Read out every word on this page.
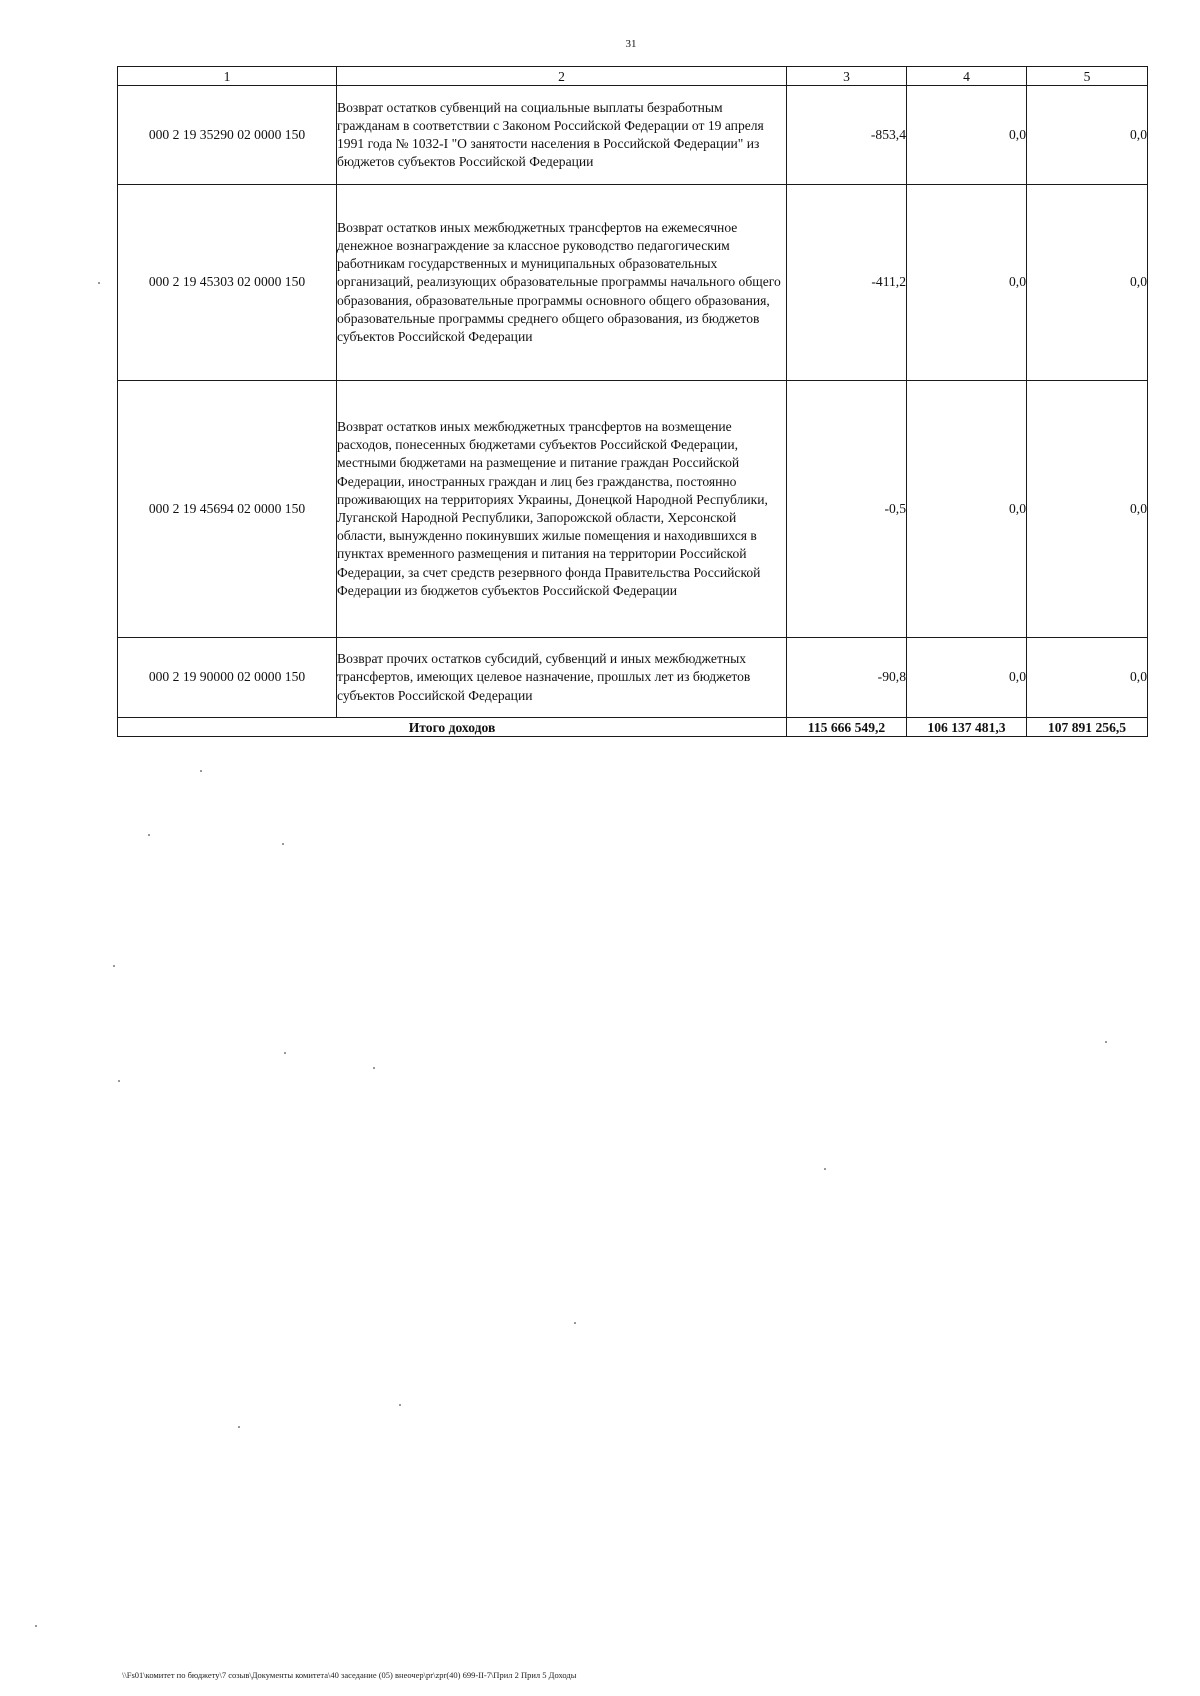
31
1	2	3	4	5
000 2 19 35290 02 0000 150	Возврат остатков субвенций на социальные выплаты безработным гражданам в соответствии с Законом Российской Федерации от 19 апреля 1991 года № 1032-I "О занятости населения в Российской Федерации" из бюджетов субъектов Российской Федерации	-853,4	0,0	0,0
000 2 19 45303 02 0000 150	Возврат остатков иных межбюджетных трансфертов на ежемесячное денежное вознаграждение за классное руководство педагогическим работникам государственных и муниципальных образовательных организаций, реализующих образовательные программы начального общего образования, образовательные программы основного общего образования, образовательные программы среднего общего образования, из бюджетов субъектов Российской Федерации	-411,2	0,0	0,0
000 2 19 45694 02 0000 150	Возврат остатков иных межбюджетных трансфертов на возмещение расходов, понесенных бюджетами субъектов Российской Федерации, местными бюджетами на размещение и питание граждан Российской Федерации, иностранных граждан и лиц без гражданства, постоянно проживающих на территориях Украины, Донецкой Народной Республики, Луганской Народной Республики, Запорожской области, Херсонской области, вынужденно покинувших жилые помещения и находившихся в пунктах временного размещения и питания на территории Российской Федерации, за счет средств резервного фонда Правительства Российской Федерации из бюджетов субъектов Российской Федерации	-0,5	0,0	0,0
000 2 19 90000 02 0000 150	Возврат прочих остатков субсидий, субвенций и иных межбюджетных трансфертов, имеющих целевое назначение, прошлых лет из бюджетов субъектов Российской Федерации	-90,8	0,0	0,0
Итого доходов		115 666 549,2	106 137 481,3	107 891 256,5
\\Fs01\комитет по бюджету\7 созыв\Документы комитета\40 заседание (05) внеочер\pr\zpr(40) 699-II-7\Прил 2 Прил 5 Доходы
